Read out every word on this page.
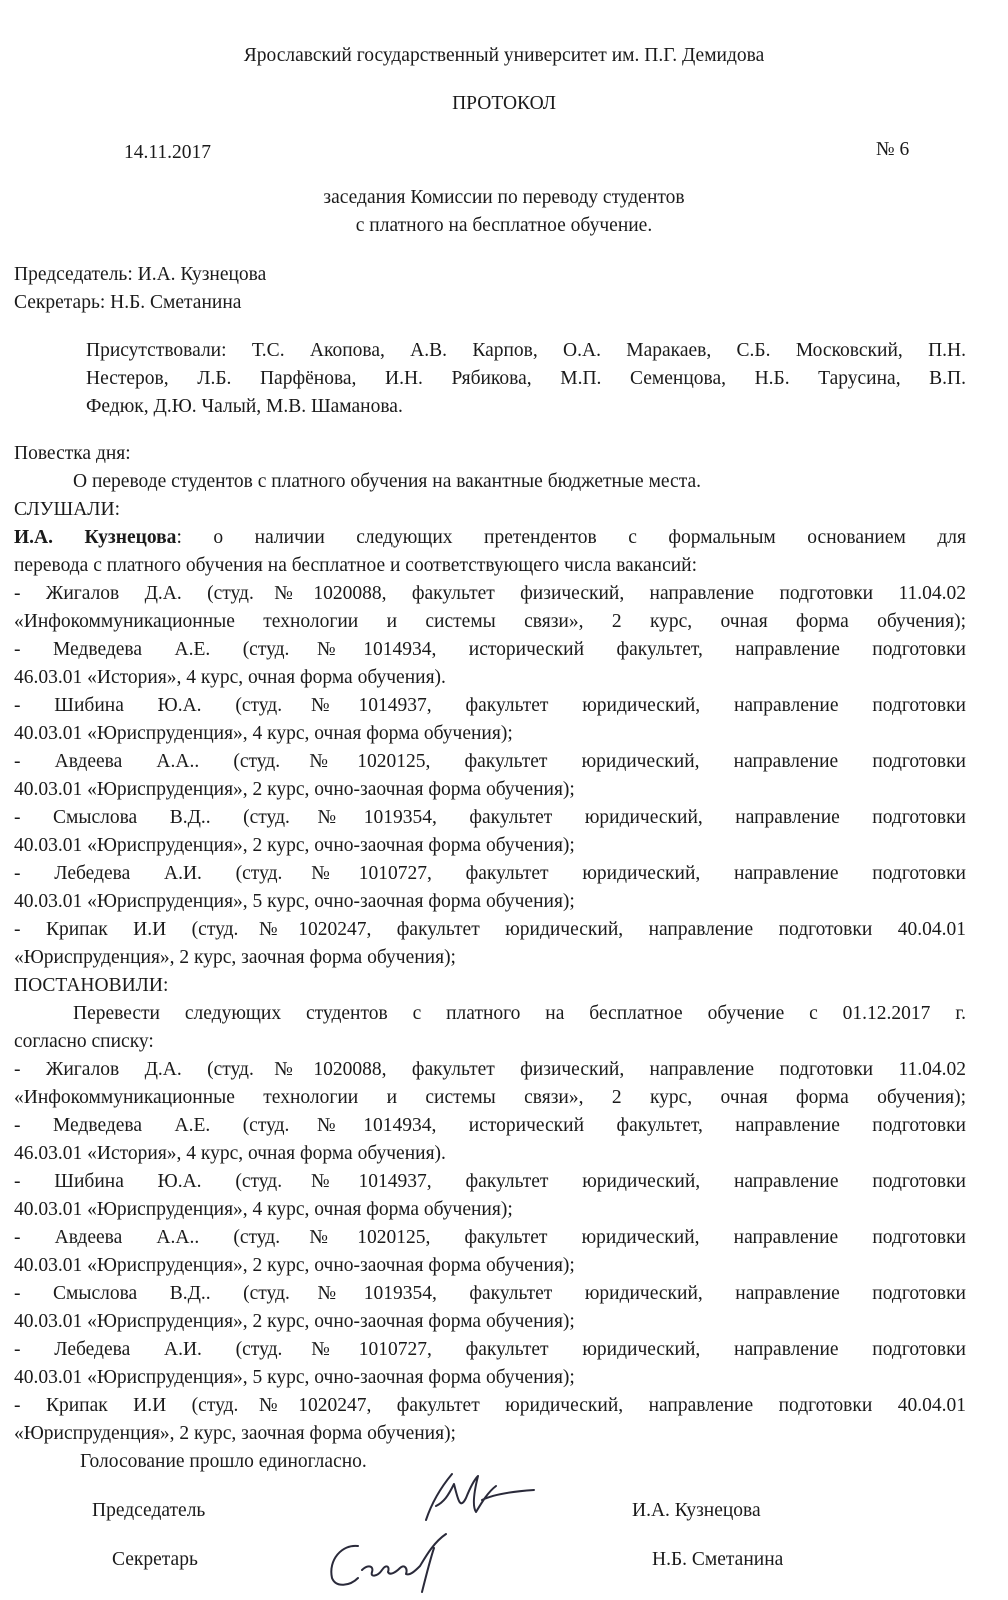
Ярославский государственный университет им. П.Г. Демидова
ПРОТОКОЛ
14.11.2017	№ 6
заседания Комиссии по переводу студентов
с платного на бесплатное обучение.
Председатель: И.А. Кузнецова
Секретарь: Н.Б. Сметанина
Присутствовали: Т.С. Акопова, А.В. Карпов, О.А. Маракаев, С.Б. Московский, П.Н.
Нестеров, Л.Б. Парфёнова, И.Н. Рябикова, М.П. Семенцова, Н.Б. Тарусина, В.П.
Федюк, Д.Ю. Чалый, М.В. Шаманова.
Повестка дня:
О переводе студентов с платного обучения на вакантные бюджетные места.
СЛУШАЛИ:
И.А. Кузнецова: о наличии следующих претендентов с формальным основанием для
перевода с платного обучения на бесплатное и соответствующего числа вакансий:
- Жигалов Д.А. (студ.№1020088, факультет физический, направление подготовки 11.04.02
«Инфокоммуникационные технологии и системы связи», 2 курс, очная форма обучения);
- Медведева А.Е. (студ.№1014934, исторический факультет, направление подготовки
46.03.01 «История», 4 курс, очная форма обучения).
- Шибина Ю.А. (студ.№1014937, факультет юридический, направление подготовки
40.03.01 «Юриспруденция», 4 курс, очная форма обучения);
- Авдеева А.А.. (студ.№1020125, факультет юридический, направление подготовки
40.03.01 «Юриспруденция», 2 курс, очно-заочная форма обучения);
- Смыслова В.Д.. (студ.№1019354, факультет юридический, направление подготовки
40.03.01 «Юриспруденция», 2 курс, очно-заочная форма обучения);
- Лебедева А.И. (студ.№1010727, факультет юридический, направление подготовки
40.03.01 «Юриспруденция», 5 курс, очно-заочная форма обучения);
- Крипак И.И (студ.№1020247, факультет юридический, направление подготовки 40.04.01
«Юриспруденция», 2 курс, заочная форма обучения);
ПОСТАНОВИЛИ:
Перевести следующих студентов с платного на бесплатное обучение с 01.12.2017 г.
согласно списку:
- Жигалов Д.А. (студ.№1020088, факультет физический, направление подготовки 11.04.02
«Инфокоммуникационные технологии и системы связи», 2 курс, очная форма обучения);
- Медведева А.Е. (студ.№1014934, исторический факультет, направление подготовки
46.03.01 «История», 4 курс, очная форма обучения).
- Шибина Ю.А. (студ.№1014937, факультет юридический, направление подготовки
40.03.01 «Юриспруденция», 4 курс, очная форма обучения);
- Авдеева А.А.. (студ.№1020125, факультет юридический, направление подготовки
40.03.01 «Юриспруденция», 2 курс, очно-заочная форма обучения);
- Смыслова В.Д.. (студ.№1019354, факультет юридический, направление подготовки
40.03.01 «Юриспруденция», 2 курс, очно-заочная форма обучения);
- Лебедева А.И. (студ.№1010727, факультет юридический, направление подготовки
40.03.01 «Юриспруденция», 5 курс, очно-заочная форма обучения);
- Крипак И.И (студ.№1020247, факультет юридический, направление подготовки 40.04.01
«Юриспруденция», 2 курс, заочная форма обучения);
Голосование прошло единогласно.
Председатель	И.А. Кузнецова
Секретарь	Н.Б. Сметанина
